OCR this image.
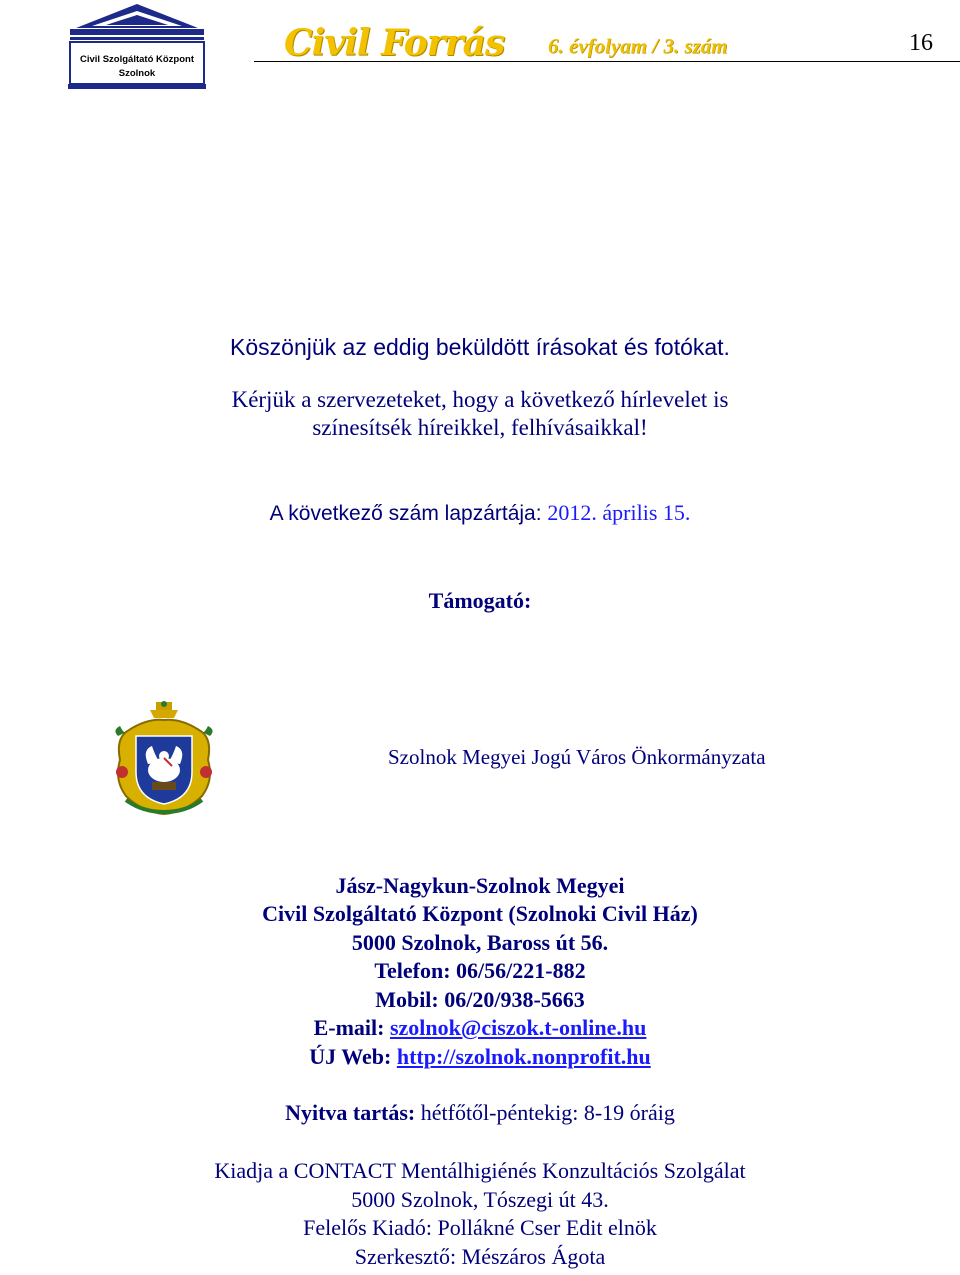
Civil Szolgáltató Központ
Szolnok
Civil Forrás 6. évfolyam / 3. szám	16
Köszönjük az eddig beküldött írásokat és fotókat.
Kérjük a szervezeteket, hogy a következő hírlevelet is
színesítsék híreikkel, felhívásaikkal!
A következő szám lapzártája: 2012. április 15.
Támogató:
Szolnok Megyei Jogú Város Önkormányzata
Jász-Nagykun-Szolnok Megyei
Civil Szolgáltató Központ (Szolnoki Civil Ház)
5000 Szolnok, Baross út 56.
Telefon: 06/56/221-882
Mobil: 06/20/938-5663
E-mail: szolnok@ciszok.t-online.hu
ÚJ Web: http://szolnok.nonprofit.hu
Nyitva tartás: hétfőtől-péntekig: 8-19 óráig
Kiadja a CONTACT Mentálhigiénés Konzultációs Szolgálat
5000 Szolnok, Tószegi út 43.
Felelős Kiadó: Pollákné Cser Edit elnök
Szerkesztő: Mészáros Ágota
